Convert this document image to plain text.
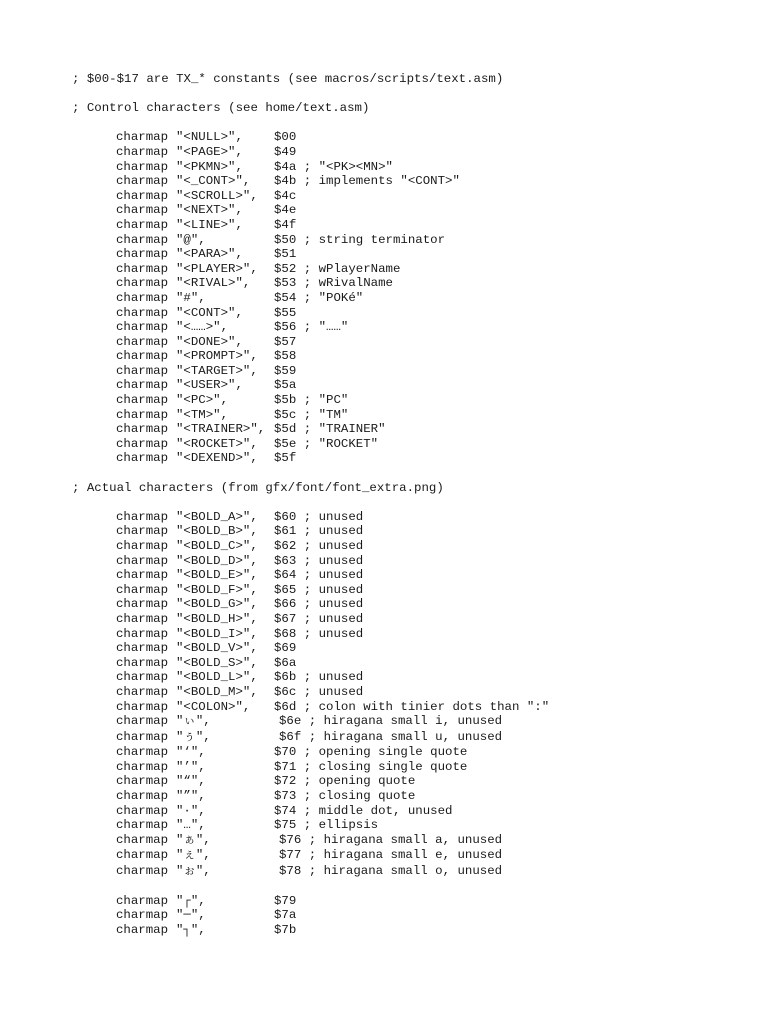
; $00-$17 are TX_* constants (see macros/scripts/text.asm)
; Control characters (see home/text.asm)
charmap "<NULL>",	$00
charmap "<PAGE>",	$49
charmap "<PKMN>",	$4a ; "<PK><MN>"
charmap "<_CONT>", $4b ; implements "<CONT>"
charmap "<SCROLL>", $4c
charmap "<NEXT>",	$4e
charmap "<LINE>",	$4f
charmap "@",	$50 ; string terminator
charmap "<PARA>",	$51
charmap "<PLAYER>", $52 ; wPlayerName
charmap "<RIVAL>", $53 ; wRivalName
charmap "#",	$54 ; "POKé"
charmap "<CONT>",	$55
charmap "<……>",	$56 ; "……"
charmap "<DONE>",	$57
charmap "<PROMPT>", $58
charmap "<TARGET>", $59
charmap "<USER>",	$5a
charmap "<PC>",	$5b ; "PC"
charmap "<TM>",	$5c ; "TM"
charmap "<TRAINER>", $5d ; "TRAINER"
charmap "<ROCKET>", $5e ; "ROCKET"
charmap "<DEXEND>", $5f
; Actual characters (from gfx/font/font_extra.png)
charmap "<BOLD_A>", $60 ; unused
charmap "<BOLD_B>", $61 ; unused
charmap "<BOLD_C>", $62 ; unused
charmap "<BOLD_D>", $63 ; unused
charmap "<BOLD_E>", $64 ; unused
charmap "<BOLD_F>", $65 ; unused
charmap "<BOLD_G>", $66 ; unused
charmap "<BOLD_H>", $67 ; unused
charmap "<BOLD_I>", $68 ; unused
charmap "<BOLD_V>", $69
charmap "<BOLD_S>", $6a
charmap "<BOLD_L>", $6b ; unused
charmap "<BOLD_M>", $6c ; unused
charmap "<COLON>", $6d ; colon with tinier dots than ":"
charmap "ぃ",	$6e ; hiragana small i, unused
charmap "ぅ",	$6f ; hiragana small u, unused
charmap "‘",	$70 ; opening single quote
charmap "’",	$71 ; closing single quote
charmap "“",	$72 ; opening quote
charmap "”",	$73 ; closing quote
charmap "·",	$74 ; middle dot, unused
charmap "…",	$75 ; ellipsis
charmap "ぁ",	$76 ; hiragana small a, unused
charmap "ぇ",	$77 ; hiragana small e, unused
charmap "ぉ",	$78 ; hiragana small o, unused
charmap "┌",	$79
charmap "─",	$7a
charmap "┐",	$7b
